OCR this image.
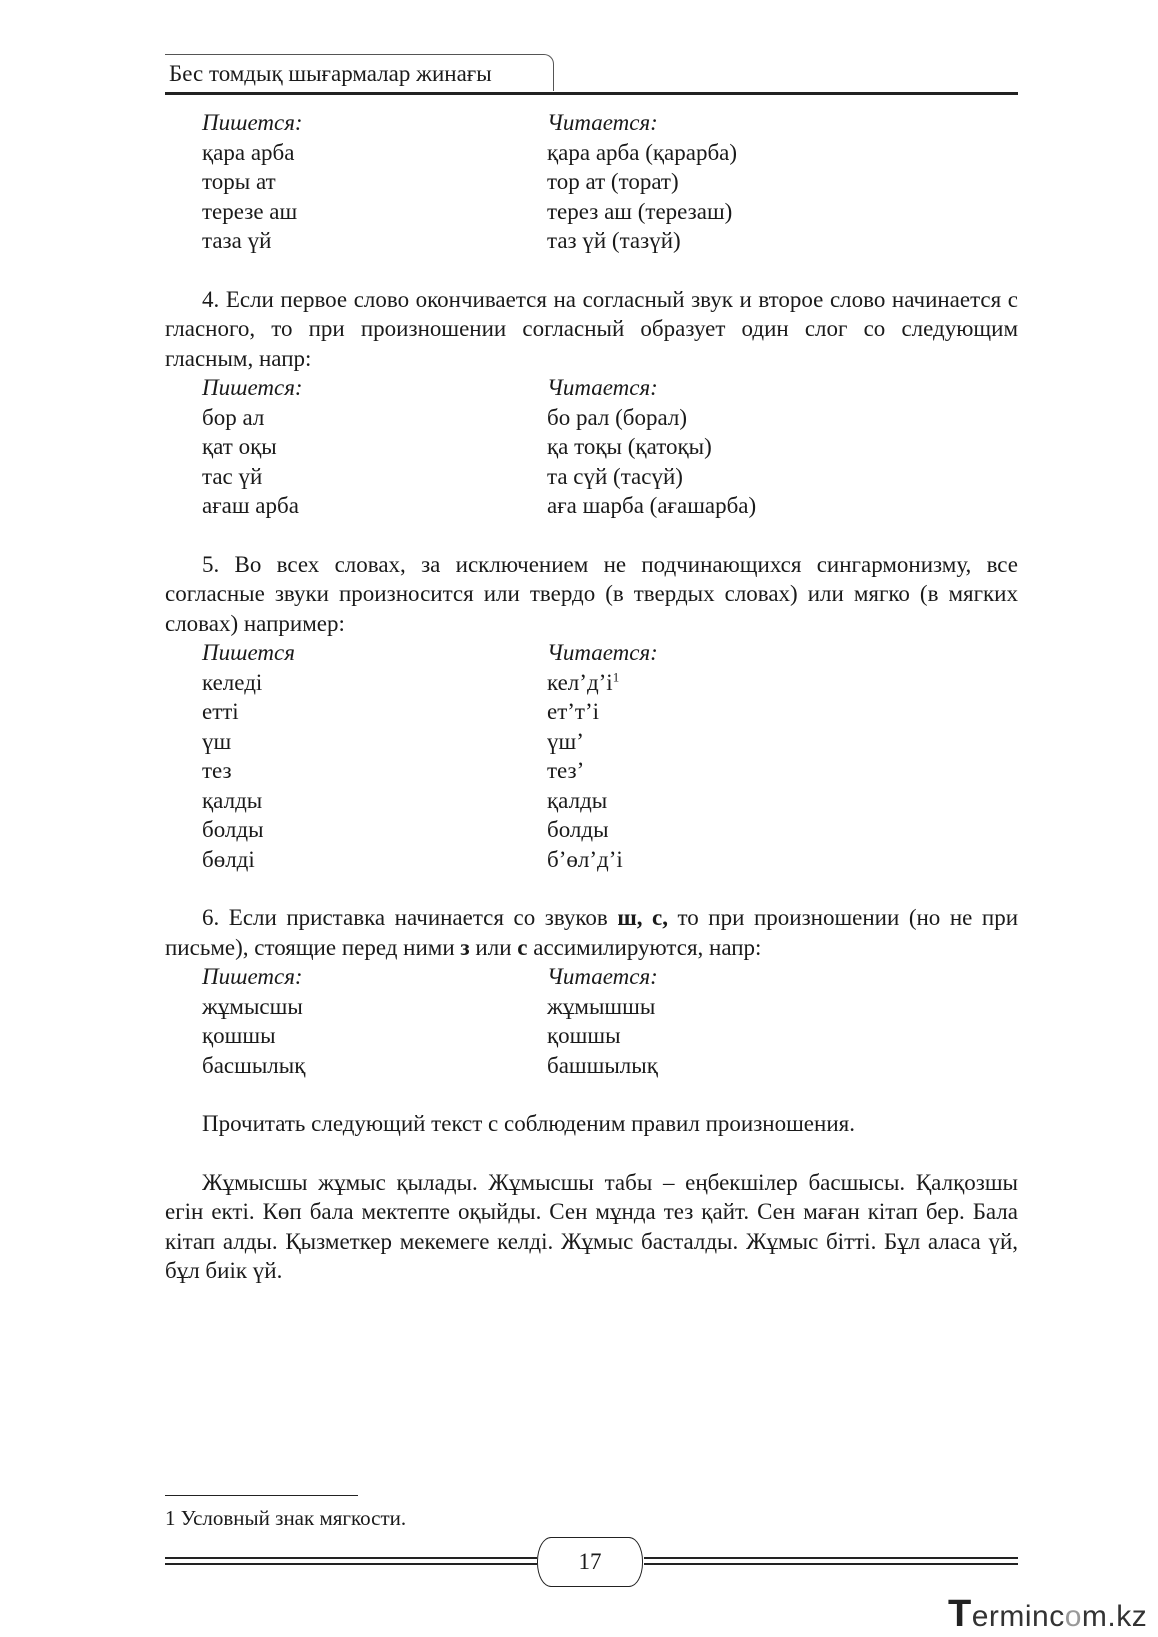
Бес томдық шығармалар жинағы
Пишется:	Читается:
қара арба	қара арба (қарарба)
торы ат	тор ат (торат)
терезе аш	терез аш (терезаш)
таза үй	таз үй (тазүй)

4. Если первое слово окончивается на согласный звук и второе слово начинается с гласного, то при произношении согласный образует один слог со следующим гласным, напр:

Пишется:	Читается:
бор ал	бо рал (борал)
қат оқы	қа тоқы (қатоқы)
тас үй	та сүй (тасүй)
ағаш арба	аға шарба (ағашарба)

5. Во всех словах, за исключением не подчинающихся сингармонизму, все согласные звуки произносится или твердо (в твердых словах) или мягко (в мягких словах) например:

Пишется	Читается:
келеді	$кел’д’і^1$
етті	ет’т’і
үш	үш’
тез	тез’
қалды	қалды
болды	болды
бөлді	б’өл’д’і

6. Если приставка начинается со звуков ш, с, то при произношении (но не при письме), стоящие перед ними з или с ассимилируются, напр:

Пишется:	Читается:
жұмысшы	жұмышшы
қошшы	қошшы
басшылық	башшылық

Прочитать следующий текст с соблюденим правил произношения.

Жұмысшы жұмыс қылады. Жұмысшы табы – еңбекшілер басшысы. Қалқозшы егін екті. Көп бала мектепте оқыйды. Сен мұнда тез қайт. Сен маған кітап бер. Бала кітап алды. Қызметкер мекемеге келді. Жұмыс басталды. Жұмыс бітті. Бұл аласа үй, бұл биік үй.

1 Условный знак мягкости.
17
Termincom.kz
